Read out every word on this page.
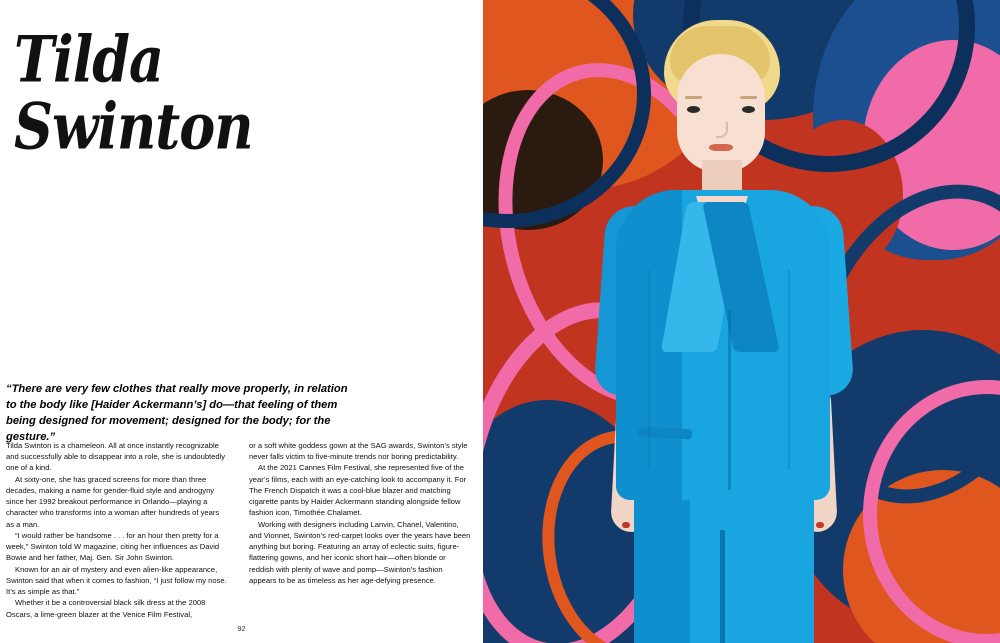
Tilda Swinton
“There are very few clothes that really move properly, in relation to the body like [Haider Ackermann’s] do—that feeling of them being designed for movement; designed for the body; for the gesture.”

Tilda Swinton is a chameleon. All at once instantly recognizable and successfully able to disappear into a role, she is undoubtedly one of a kind.

At sixty-one, she has graced screens for more than three decades, making a name for gender-fluid style and androgyny since her 1992 breakout performance in Orlando—playing a character who transforms into a woman after hundreds of years as a man.

“I would rather be handsome . . . for an hour then pretty for a week,” Swinton told W magazine, citing her influences as David Bowie and her father, Maj. Gen. Sir John Swinton.

Known for an air of mystery and even alien-like appearance, Swinton said that when it comes to fashion, “I just follow my nose. It’s as simple as that.”

Whether it be a controversial black silk dress at the 2008 Oscars, a lime-green blazer at the Venice Film Festival,

or a soft white goddess gown at the SAG awards, Swinton’s style never falls victim to five-minute trends nor boring predictability.

At the 2021 Cannes Film Festival, she represented five of the year’s films, each with an eye-catching look to accompany it. For The French Dispatch it was a cool-blue blazer and matching cigarette pants by Haider Ackermann standing alongside fellow fashion icon, Timothée Chalamet.

Working with designers including Lanvin, Chanel, Valentino, and Vionnet, Swinton’s red-carpet looks over the years have been anything but boring. Featuring an array of eclectic suits, figure-flattering gowns, and her iconic short hair—often blonde or reddish with plenty of wave and pomp—Swinton’s fashion appears to be as timeless as her age-defying presence.

92
